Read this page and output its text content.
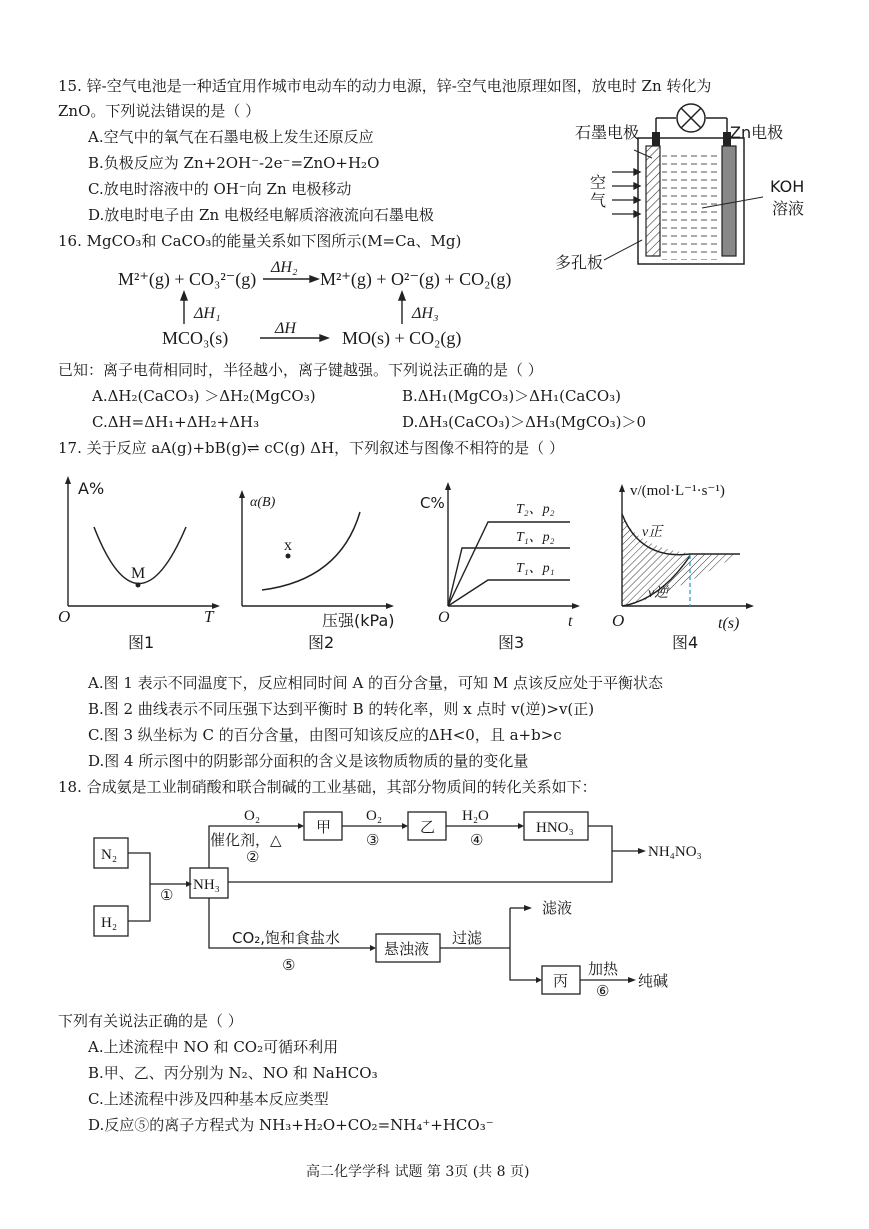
15. 锌-空气电池是一种适宜用作城市电动车的动力电源，锌-空气电池原理如图，放电时 Zn 转化为
ZnO。下列说法错误的是（ ）
A.空气中的氧气在石墨电极上发生还原反应
B.负极反应为 Zn+2OH⁻-2e⁻=ZnO+H₂O
C.放电时溶液中的 OH⁻向 Zn 电极移动
D.放电时电子由 Zn 电极经电解质溶液流向石墨电极
石墨电极	Zn电极
空
气
KOH
溶液
多孔板
16. MgCO₃和 CaCO₃的能量关系如下图所示(M=Ca、Mg)
M²⁺(g) + CO₃²⁻(g)	M²⁺(g) + O²⁻(g) + CO₂(g)
MCO₃(s)	MO(s) + CO₂(g)
ΔH₂
ΔH₁	ΔH₃
ΔH
已知：离子电荷相同时，半径越小，离子键越强。下列说法正确的是（ ）
A.ΔH₂(CaCO₃) ＞ΔH₂(MgCO₃)	B.ΔH₁(MgCO₃)＞ΔH₁(CaCO₃)
C.ΔH=ΔH₁+ΔH₂+ΔH₃	D.ΔH₃(CaCO₃)＞ΔH₃(MgCO₃)＞0
17. 关于反应 aA(g)+bB(g)⇌ cC(g) ΔH，下列叙述与图像不相符的是（ ）
A%
M
O	T
图1
α(B)
x
压强(kPa)
图2
C%	T₂、p₂
T₁、p₂
T₁、p₁
O	t
图3
v/(mol·L⁻¹·s⁻¹)
v正
v逆
O	t(s)
图4
A.图 1 表示不同温度下，反应相同时间 A 的百分含量，可知 M 点该反应处于平衡状态
B.图 2 曲线表示不同压强下达到平衡时 B 的转化率，则 x 点时 v(逆)>v(正)
C.图 3 纵坐标为 C 的百分含量，由图可知该反应的ΔH<0，且 a+b>c
D.图 4 所示图中的阴影部分面积的含义是该物质物质的量的变化量
18. 合成氨是工业制硝酸和联合制碱的工业基础，其部分物质间的转化关系如下：
N₂
H₂
NH₃
①
O₂
催化剂，△
②
甲
O₂
③
乙
H₂O
④
HNO₃
NH₄NO₃
CO₂,饱和食盐水
⑤
悬浊液
过滤
滤液
丙
加热
⑥
纯碱
下列有关说法正确的是（ ）
A.上述流程中 NO 和 CO₂可循环利用
B.甲、乙、丙分别为 N₂、NO 和 NaHCO₃
C.上述流程中涉及四种基本反应类型
D.反应⑤的离子方程式为 NH₃+H₂O+CO₂=NH₄⁺+HCO₃⁻
高二化学学科 试题 第 3页 (共 8 页)
